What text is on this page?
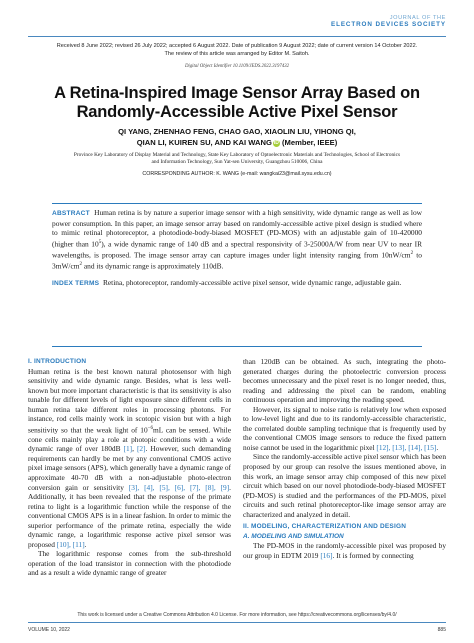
JOURNAL OF THE
ELECTRON DEVICES SOCIETY
Received 8 June 2022; revised 26 July 2022; accepted 6 August 2022. Date of publication 9 August 2022; date of current version 14 October 2022.
The review of this article was arranged by Editor M. Saitoh.
Digital Object Identifier 10.1109/JEDS.2022.3197432
A Retina-Inspired Image Sensor Array Based on
Randomly-Accessible Active Pixel Sensor
QI YANG, ZHENHAO FENG, CHAO GAO, XIAOLIN LIU, YIHONG QI,
QIAN LI, KUIREN SU, AND KAI WANG iD (Member, IEEE)
Province Key Laboratory of Display Material and Technology, State Key Laboratory of Optoelectronic Materials and Technologies, School of Electronics
and Information Technology, Sun Yat-sen University, Guangzhou 510006, China
CORRESPONDING AUTHOR: K. WANG (e-mail: wangkai23@mail.sysu.edu.cn)
ABSTRACT Human retina is by nature a superior image sensor with a high sensitivity, wide dynamic range as well as low power consumption. In this paper, an image sensor array based on randomly-accessible active pixel design is studied where to mimic retinal photoreceptor, a photodiode-body-biased MOSFET (PD-MOS) with an adjustable gain of 10-420000 (higher than $10^5$), a wide dynamic range of 140 dB and a spectral responsivity of 3-25000A/W from near UV to near IR wavelengths, is proposed. The image sensor array can capture images under light intensity ranging from $10nW/cm^2$ to $3mW/cm^2$ and its dynamic range is approximately 110dB.
INDEX TERMS Retina, photoreceptor, randomly-accessible active pixel sensor, wide dynamic range, adjustable gain.
I. INTRODUCTION

Human retina is the best known natural photosensor with high sensitivity and wide dynamic range. Besides, what is less well-known but more important characteristic is that its sensitivity is also tunable for different levels of light exposure since different cells in human retina take different roles in processing photons. For instance, rod cells mainly work in scotopic vision but with a high sensitivity so that the weak light of $10^{-6}mL$ can be sensed. While cone cells mainly play a role at photopic conditions with a wide dynamic range of over 180dB [1], [2]. However, such demanding requirements can hardly be met by any conventional CMOS active pixel image sensors (APS), which generally have a dynamic range of approximate 40-70 dB with a non-adjustable photo-electron conversion gain or sensitivity [3], [4], [5], [6], [7], [8], [9]. Additionally, it has been revealed that the response of the primate retina to light is a logarithmic function while the response of the conventional CMOS APS is in a linear fashion. In order to mimic the superior performance of the primate retina, especially the wide dynamic range, a logarithmic response active pixel sensor was proposed [10], [11].

The logarithmic response comes from the sub-threshold operation of the load transistor in connection with the photodiode and as a result a wide dynamic range of greater

than 120dB can be obtained. As such, integrating the photo-generated charges during the photoelectric conversion process becomes unnecessary and the pixel reset is no longer needed, thus, reading and addressing the pixel can be random, enabling continuous operation and improving the reading speed.

However, its signal to noise ratio is relatively low when exposed to low-level light and due to its randomly-accessible characteristic, the correlated double sampling technique that is frequently used by the conventional CMOS image sensors to reduce the fixed pattern noise cannot be used in the logarithmic pixel [12], [13], [14], [15].

Since the randomly-accessible active pixel sensor which has been proposed by our group can resolve the issues mentioned above, in this work, an image sensor array chip composed of this new pixel circuit which based on our novel photodiode-body-biased MOSFET (PD-MOS) is studied and the performances of the PD-MOS, pixel circuits and such retinal photoreceptor-like image sensor array are characterized and analyzed in detail.

II. MODELING, CHARACTERIZATION AND DESIGN
A. MODELING AND SIMULATION

The PD-MOS in the randomly-accessible pixel was proposed by our group in EDTM 2019 [16]. It is formed by connecting

This work is licensed under a Creative Commons Attribution 4.0 License. For more information, see https://creativecommons.org/licenses/by/4.0/
VOLUME 10, 2022	885
